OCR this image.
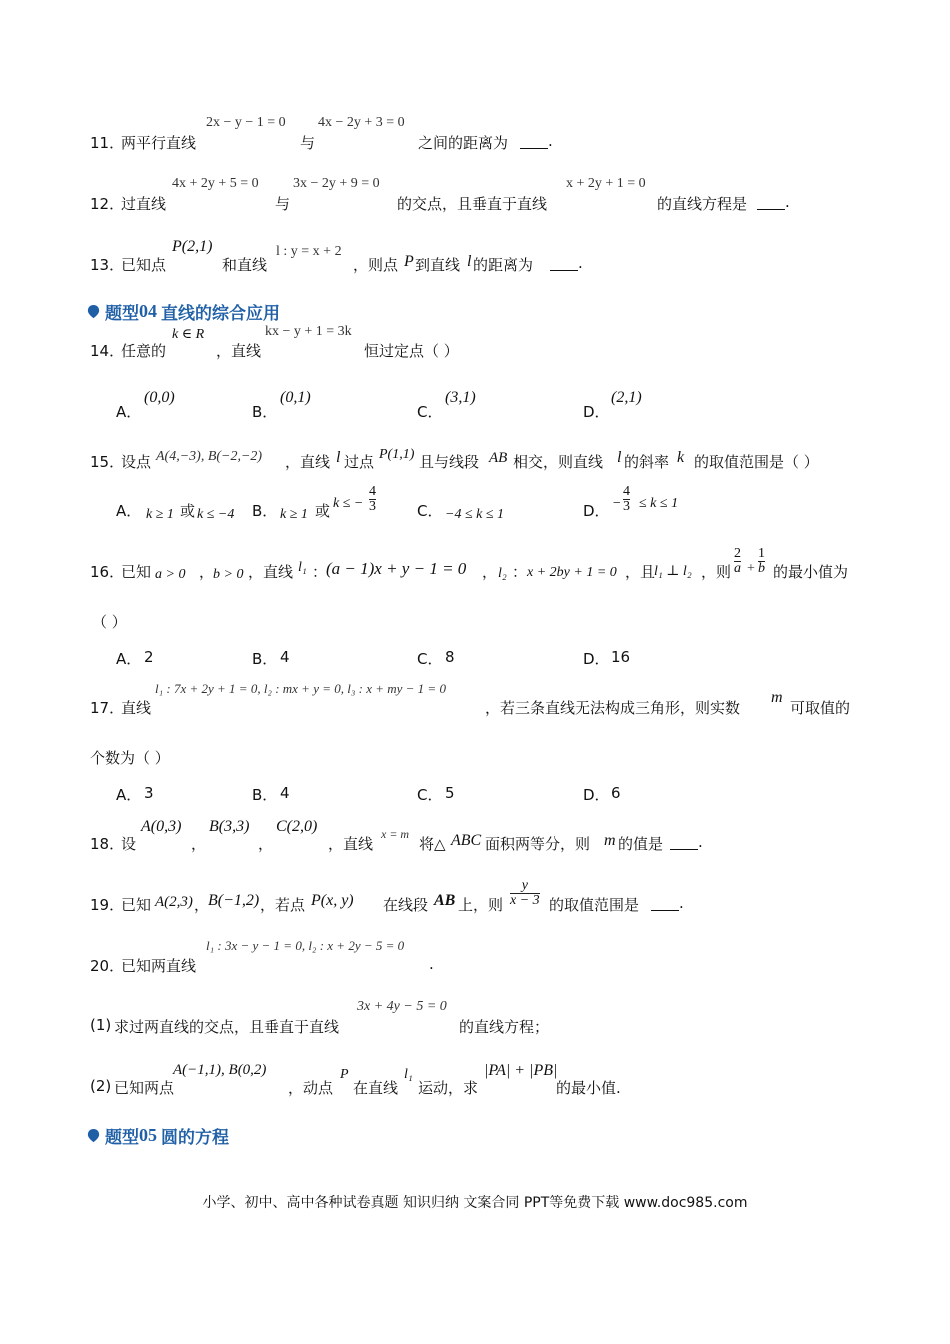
11．
两平行直线
2x − y − 1 = 0
与
4x − 2y + 3 = 0
之间的距离为	.
12．
过直线
4x + 2y + 5 = 0
与
3x − 2y + 9 = 0
的交点，且垂直于直线
x + 2y + 1 = 0
的直线方程是	.
13．
已知点
P(2,1)
和直线
l : y = x + 2
，则点 P 到直线 l 的距离为	.
题型 04 直线的综合应用
14．
任意的
k ∈ R
，直线
kx − y + 1 = 3k
恒过定点（ ）
A．
(0,0)
B．
(0,1)
C．
(3,1)
D．
(2,1)
15．
设点 A(4,−3), B(−2,−2) ，直线 l 过点 P(1,1) 且与线段 AB 相交，则直线 l 的斜率 k 的取值范围是（ ）
A． k ≥ 1 或 k ≤ −4 B． k ≥ 1 或 k ≤ −
4
3	C． −4 ≤ k ≤ 1	D． −
4
3 ≤ k ≤ 1
16．
已知 a > 0 ，
b > 0 ，直线 l₁ ：
(a − 1)x + y − 1 = 0 ， l₂ ： x + 2by + 1 = 0 ，且
l₁ ⊥ l₂ ，则
2
a +
1
b 的最小值为
（ ）
A． 2	B． 4	C． 8	D． 16
17．
直线
l₁ : 7x + 2y + 1 = 0, l₂ : mx + y = 0, l₃ : x + my − 1 = 0
，若三条直线无法构成三角形，则实数
m
可取值的
个数为（ ）
A． 3	B． 4	C． 5	D． 6
18．
设
A(0,3)
，
B(3,3)
，
C(2,0)
，直线
x = m
将△ ABC 面积两等分，则 m 的值是 .
19．
已知 A(2,3) ，
B(−1,2) ，若点 P(x, y) 在线段 AB 上，则
y
x − 3 的取值范围是	.
20．
已知两直线
l₁ : 3x − y − 1 = 0, l₂ : x + 2y − 5 = 0
.
(1) 求过两直线的交点，且垂直于直线
3x + 4y − 5 = 0
的直线方程；
(2) 已知两点
A(−1,1), B(0,2)
，动点
P
在直线
l₁
运动，求
|PA| + |PB|
的最小值.
题型 05 圆的方程
小学、初中、高中各种试卷真题 知识归纳 文案合同 PPT等免费下载 www.doc985.com
